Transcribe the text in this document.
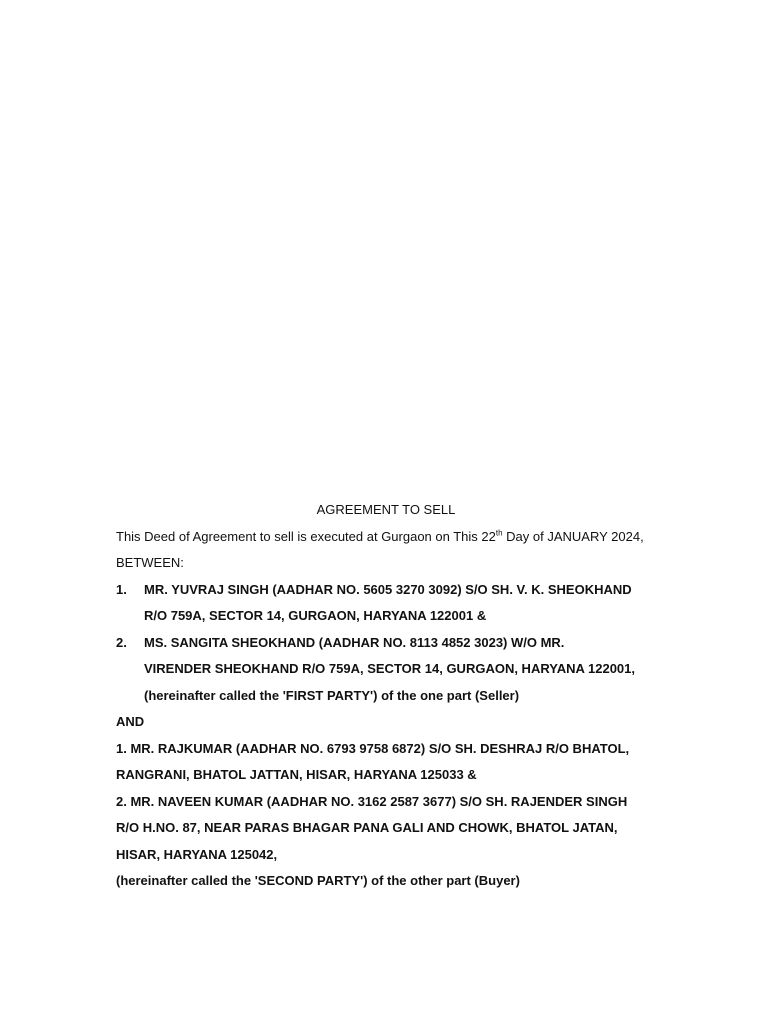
AGREEMENT TO SELL
This Deed of Agreement to sell is executed at Gurgaon on This 22th Day of JANUARY 2024,
BETWEEN:
1. MR. YUVRAJ SINGH (AADHAR NO. 5605 3270 3092) S/O SH. V. K. SHEOKHAND
R/O 759A, SECTOR 14, GURGAON, HARYANA 122001 &
2. MS. SANGITA SHEOKHAND (AADHAR NO. 8113 4852 3023) W/O MR.
VIRENDER SHEOKHAND R/O 759A, SECTOR 14, GURGAON, HARYANA 122001,
(hereinafter called the 'FIRST PARTY') of the one part (Seller)
AND
1. MR. RAJKUMAR (AADHAR NO. 6793 9758 6872) S/O SH. DESHRAJ R/O BHATOL,
RANGRANI, BHATOL JATTAN, HISAR, HARYANA 125033 &
2. MR. NAVEEN KUMAR (AADHAR NO. 3162 2587 3677) S/O SH. RAJENDER SINGH
R/O H.NO. 87, NEAR PARAS BHAGAR PANA GALI AND CHOWK, BHATOL JATAN,
HISAR, HARYANA 125042,
(hereinafter called the 'SECOND PARTY') of the other part (Buyer)
